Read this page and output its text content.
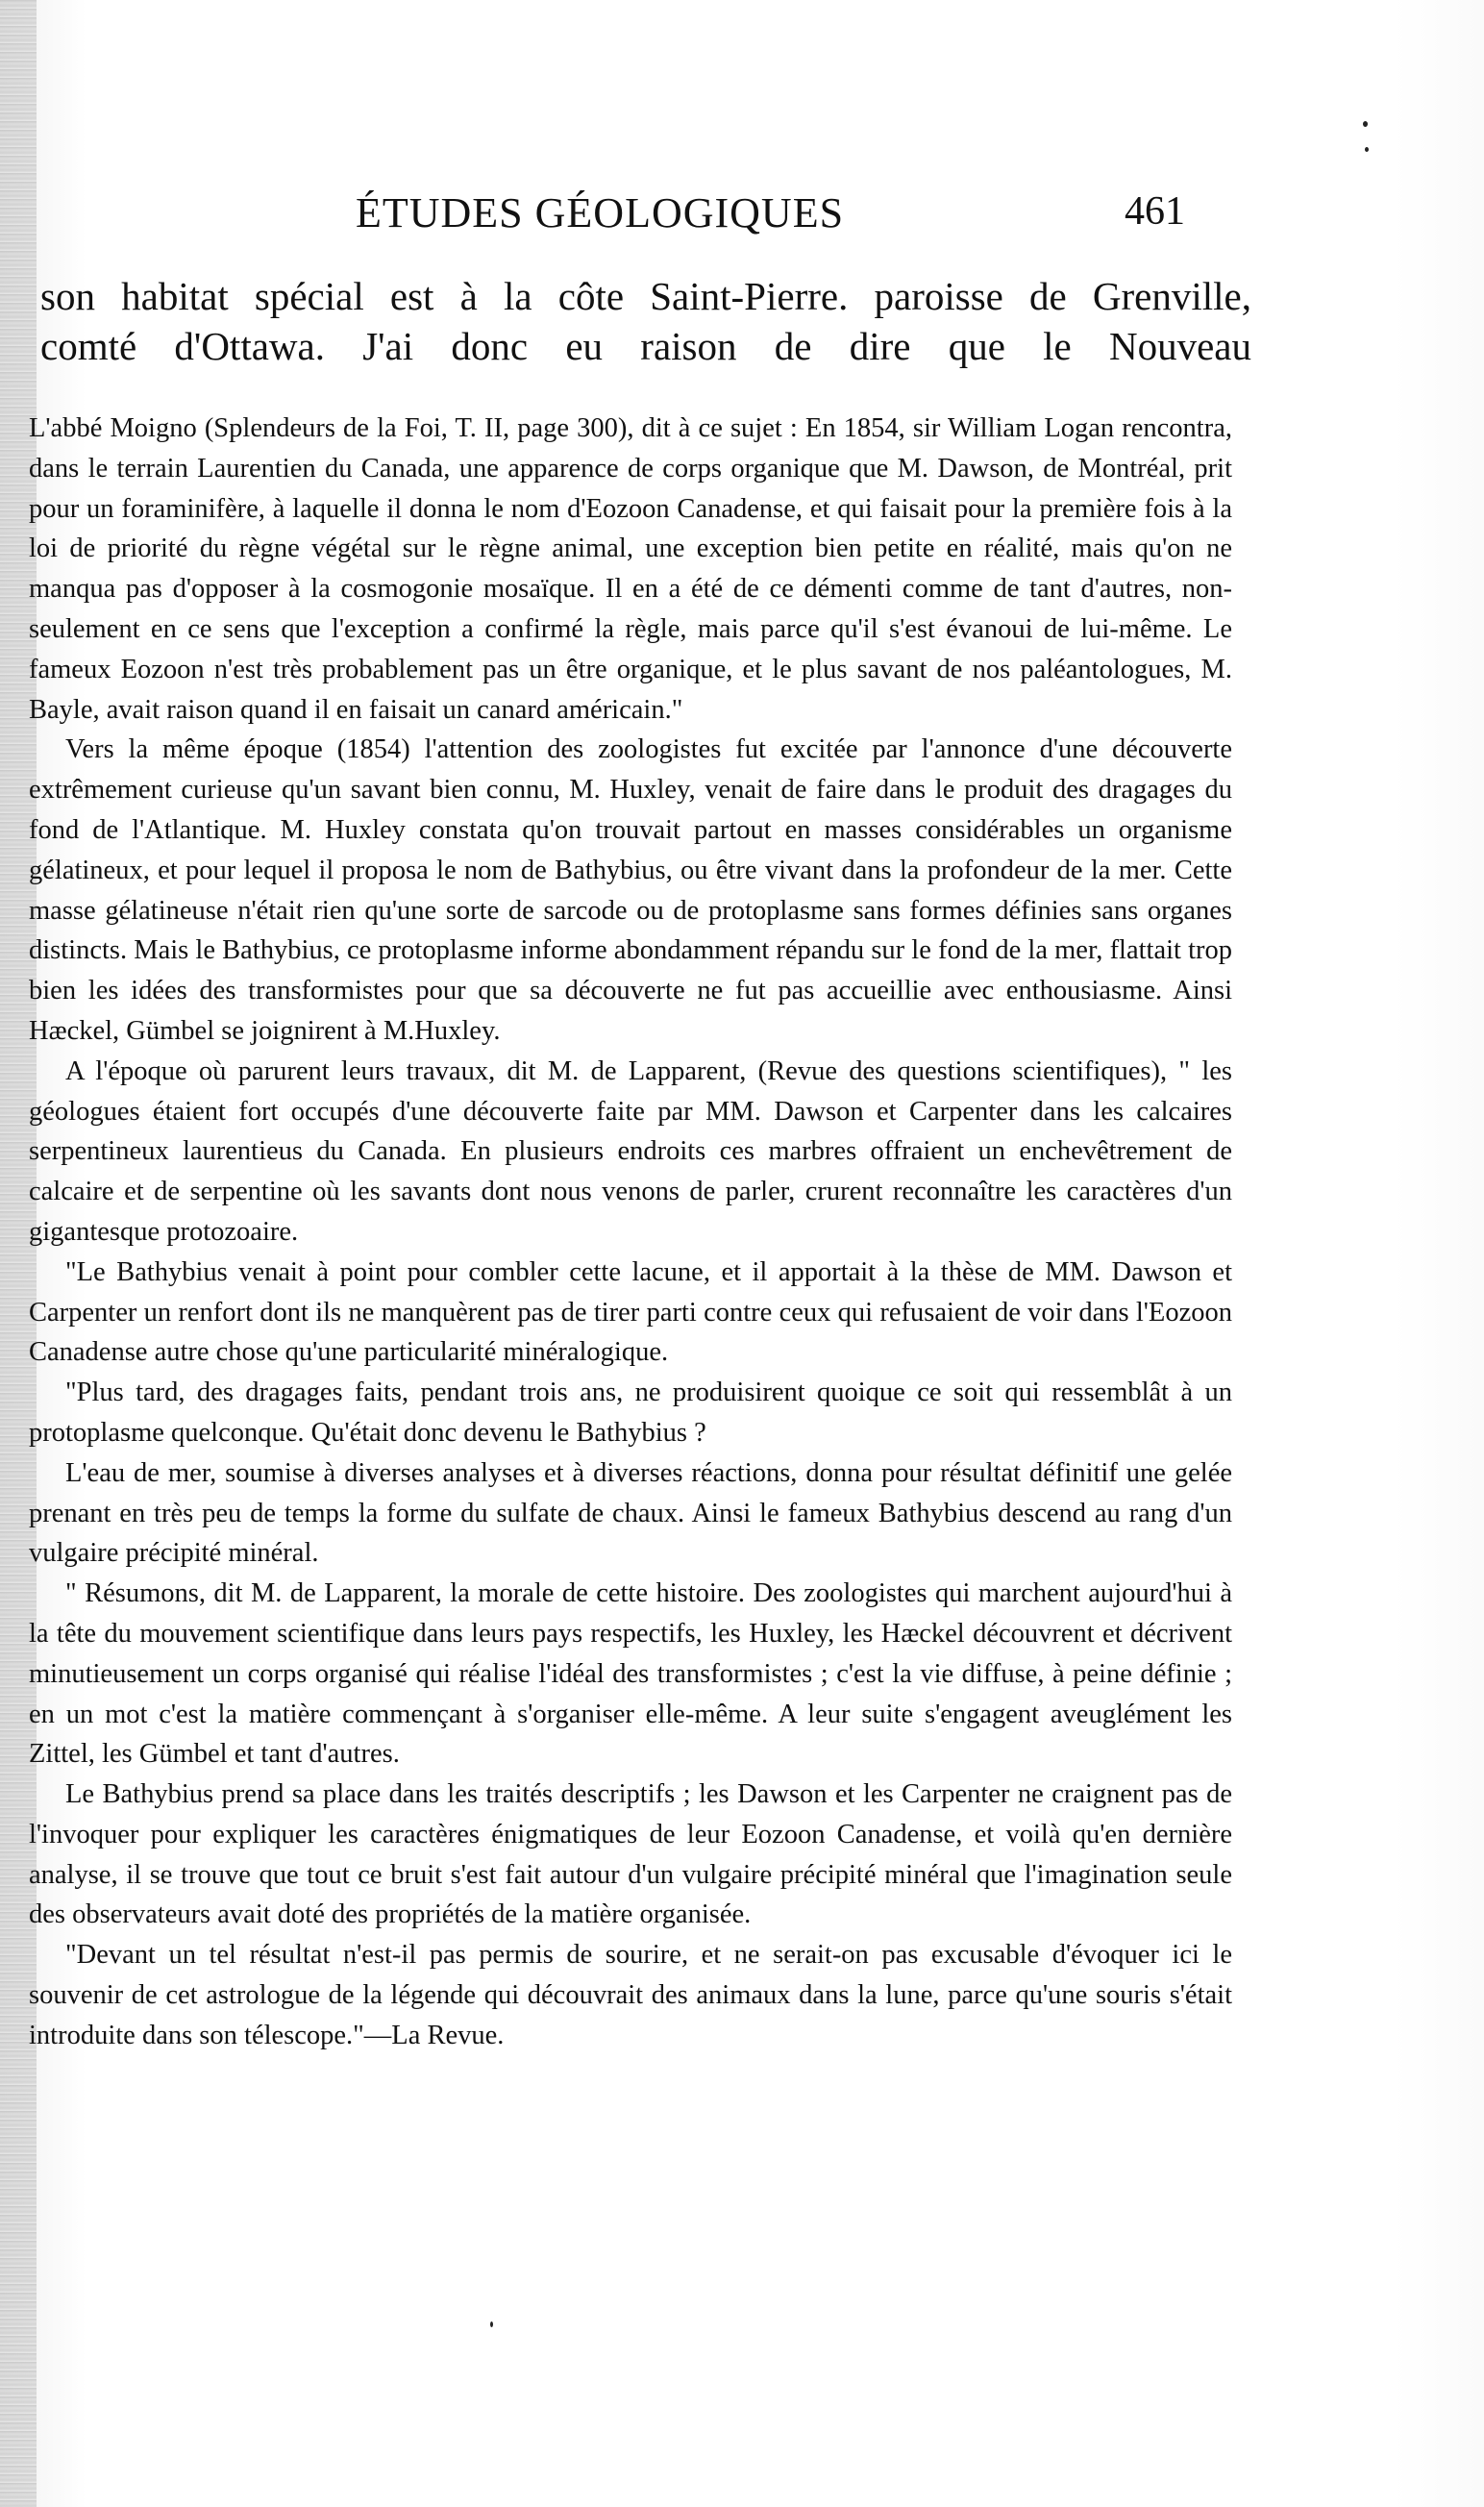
ÉTUDES GÉOLOGIQUES	461

son habitat spécial est à la côte Saint-Pierre. paroisse de Grenville,

comté d'Ottawa. J'ai donc eu raison de dire que le Nouveau

L'abbé Moigno (Splendeurs de la Foi, T. II, page 300), dit à ce sujet : En 1854, sir William Logan rencontra, dans le terrain Laurentien du Canada, une apparence de corps organique que M. Dawson, de Montréal, prit pour un foraminifère, à laquelle il donna le nom d'Eozoon Canadense, et qui faisait pour la première fois à la loi de priorité du règne végétal sur le règne animal, une exception bien petite en réalité, mais qu'on ne manqua pas d'opposer à la cosmogonie mosaïque. Il en a été de ce démenti comme de tant d'autres, non-seulement en ce sens que l'exception a confirmé la règle, mais parce qu'il s'est évanoui de lui-même. Le fameux Eozoon n'est très probablement pas un être organique, et le plus savant de nos paléantologues, M. Bayle, avait raison quand il en faisait un canard américain."

Vers la même époque (1854) l'attention des zoologistes fut excitée par l'annonce d'une découverte extrêmement curieuse qu'un savant bien connu, M. Huxley, venait de faire dans le produit des dragages du fond de l'Atlantique. M. Huxley constata qu'on trouvait partout en masses considérables un organisme gélatineux, et pour lequel il proposa le nom de Bathybius, ou être vivant dans la profondeur de la mer. Cette masse gélatineuse n'était rien qu'une sorte de sarcode ou de protoplasme sans formes définies sans organes distincts. Mais le Bathybius, ce protoplasme informe abondamment répandu sur le fond de la mer, flattait trop bien les idées des transformistes pour que sa découverte ne fut pas accueillie avec enthousiasme. Ainsi Hæckel, Gümbel se joignirent à M.Huxley.

A l'époque où parurent leurs travaux, dit M. de Lapparent, (Revue des questions scientifiques), " les géologues étaient fort occupés d'une découverte faite par MM. Dawson et Carpenter dans les calcaires serpentineux laurentieus du Canada. En plusieurs endroits ces marbres offraient un enchevêtrement de calcaire et de serpentine où les savants dont nous venons de parler, crurent reconnaître les caractères d'un gigantesque protozoaire.

"Le Bathybius venait à point pour combler cette lacune, et il apportait à la thèse de MM. Dawson et Carpenter un renfort dont ils ne manquèrent pas de tirer parti contre ceux qui refusaient de voir dans l'Eozoon Canadense autre chose qu'une particularité minéralogique.

"Plus tard, des dragages faits, pendant trois ans, ne produisirent quoique ce soit qui ressemblât à un protoplasme quelconque. Qu'était donc devenu le Bathybius ?

L'eau de mer, soumise à diverses analyses et à diverses réactions, donna pour résultat définitif une gelée prenant en très peu de temps la forme du sulfate de chaux. Ainsi le fameux Bathybius descend au rang d'un vulgaire précipité minéral.

" Résumons, dit M. de Lapparent, la morale de cette histoire. Des zoologistes qui marchent aujourd'hui à la tête du mouvement scientifique dans leurs pays respectifs, les Huxley, les Hæckel découvrent et décrivent minutieusement un corps organisé qui réalise l'idéal des transformistes ; c'est la vie diffuse, à peine définie ; en un mot c'est la matière commençant à s'organiser elle-même. A leur suite s'engagent aveuglément les Zittel, les Gümbel et tant d'autres.

Le Bathybius prend sa place dans les traités descriptifs ; les Dawson et les Carpenter ne craignent pas de l'invoquer pour expliquer les caractères énigmatiques de leur Eozoon Canadense, et voilà qu'en dernière analyse, il se trouve que tout ce bruit s'est fait autour d'un vulgaire précipité minéral que l'imagination seule des observateurs avait doté des propriétés de la matière organisée.

"Devant un tel résultat n'est-il pas permis de sourire, et ne serait-on pas excusable d'évoquer ici le souvenir de cet astrologue de la légende qui découvrait des animaux dans la lune, parce qu'une souris s'était introduite dans son télescope."—La Revue.
